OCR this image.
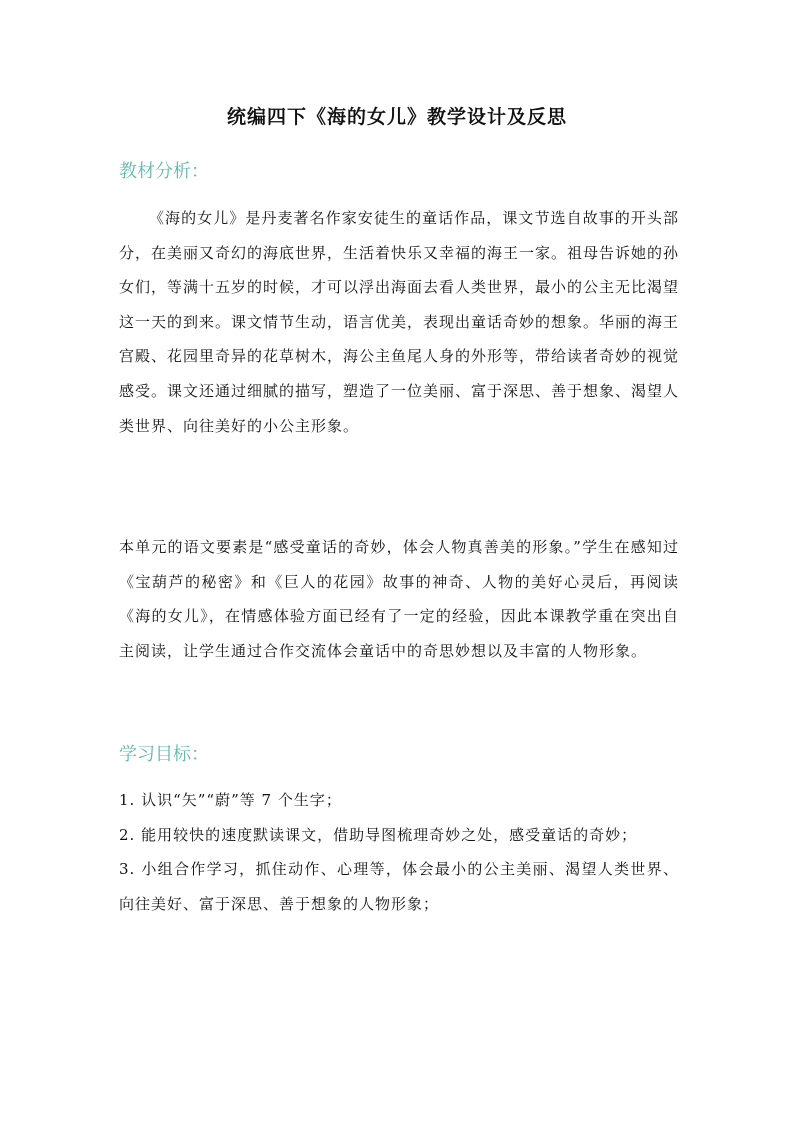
统编四下《海的女儿》教学设计及反思
教材分析：
《海的女儿》是丹麦著名作家安徒生的童话作品，课文节选自故事的开头部分，在美丽又奇幻的海底世界，生活着快乐又幸福的海王一家。祖母告诉她的孙女们，等满十五岁的时候，才可以浮出海面去看人类世界，最小的公主无比渴望这一天的到来。课文情节生动，语言优美，表现出童话奇妙的想象。华丽的海王宫殿、花园里奇异的花草树木，海公主鱼尾人身的外形等，带给读者奇妙的视觉感受。课文还通过细腻的描写，塑造了一位美丽、富于深思、善于想象、渴望人类世界、向往美好的小公主形象。
本单元的语文要素是“感受童话的奇妙，体会人物真善美的形象。”学生在感知过《宝葫芦的秘密》和《巨人的花园》故事的神奇、人物的美好心灵后，再阅读《海的女儿》，在情感体验方面已经有了一定的经验，因此本课教学重在突出自主阅读，让学生通过合作交流体会童话中的奇思妙想以及丰富的人物形象。
学习目标：

1. 认识“矢”“蔚”等 7 个生字；

2. 能用较快的速度默读课文，借助导图梳理奇妙之处，感受童话的奇妙；

3. 小组合作学习，抓住动作、心理等，体会最小的公主美丽、渴望人类世界、向往美好、富于深思、善于想象的人物形象；
